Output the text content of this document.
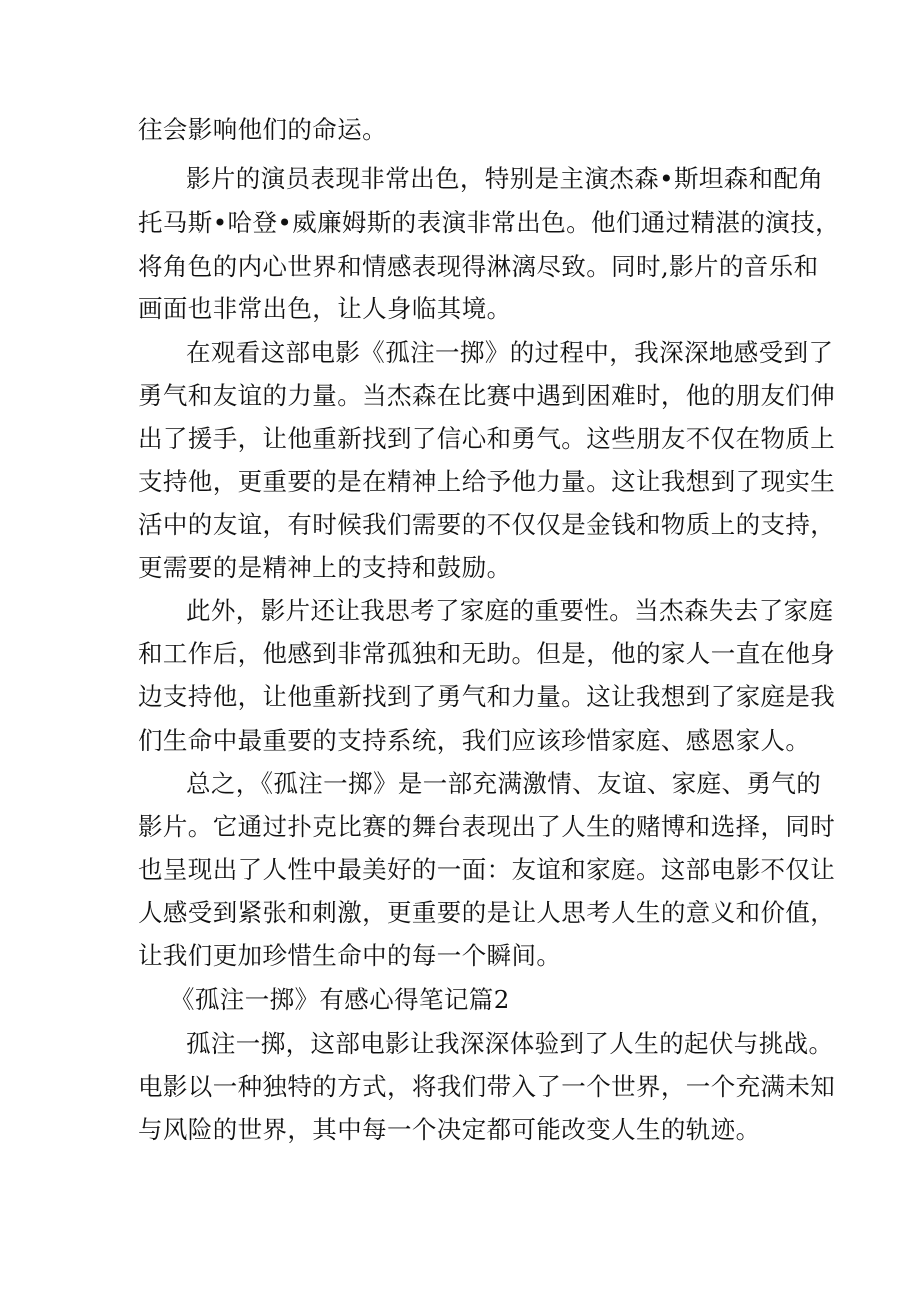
往会影响他们的命运。
影片的演员表现非常出色，特别是主演杰森•斯坦森和配角
托马斯•哈登•威廉姆斯的表演非常出色。他们通过精湛的演技，
将角色的内心世界和情感表现得淋漓尽致。同时,影片的音乐和
画面也非常出色，让人身临其境。
在观看这部电影《孤注一掷》的过程中，我深深地感受到了
勇气和友谊的力量。当杰森在比赛中遇到困难时，他的朋友们伸
出了援手，让他重新找到了信心和勇气。这些朋友不仅在物质上
支持他，更重要的是在精神上给予他力量。这让我想到了现实生
活中的友谊，有时候我们需要的不仅仅是金钱和物质上的支持，
更需要的是精神上的支持和鼓励。
此外，影片还让我思考了家庭的重要性。当杰森失去了家庭
和工作后，他感到非常孤独和无助。但是，他的家人一直在他身
边支持他，让他重新找到了勇气和力量。这让我想到了家庭是我
们生命中最重要的支持系统，我们应该珍惜家庭、感恩家人。
总之，《孤注一掷》是一部充满激情、友谊、家庭、勇气的
影片。它通过扑克比赛的舞台表现出了人生的赌博和选择，同时
也呈现出了人性中最美好的一面：友谊和家庭。这部电影不仅让
人感受到紧张和刺激，更重要的是让人思考人生的意义和价值，
让我们更加珍惜生命中的每一个瞬间。
《孤注一掷》有感心得笔记篇2
孤注一掷，这部电影让我深深体验到了人生的起伏与挑战。
电影以一种独特的方式，将我们带入了一个世界，一个充满未知
与风险的世界，其中每一个决定都可能改变人生的轨迹。
